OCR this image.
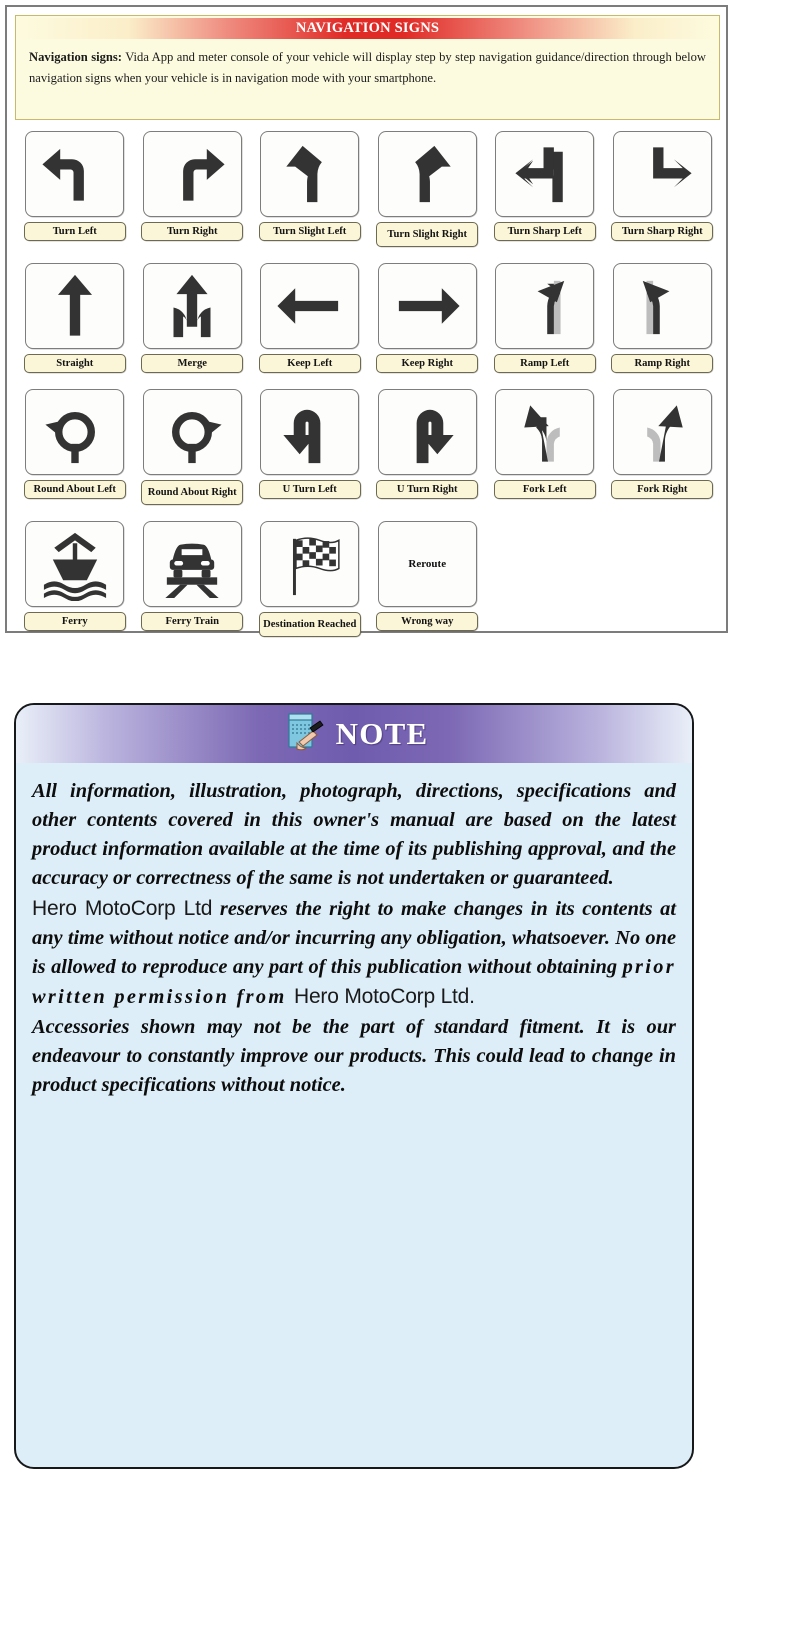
NAVIGATION SIGNS
Navigation signs: Vida App and meter console of your vehicle will display step by step navigation guidance/direction through below navigation signs when your vehicle is in navigation mode with your smartphone.
Turn Left	Turn Right	Turn Slight Left	Turn Slight Right	Turn Sharp Left	Turn Sharp Right
Straight	Merge	Keep Left	Keep Right	Ramp Left	Ramp Right
Round About Left	Round About Right	U Turn Left	U Turn Right	Fork Left	Fork Right
Ferry	Ferry Train	Destination Reached
Reroute
Wrong way
NOTE

All information, illustration, photograph, directions, specifications and other contents covered in this owner's manual are based on the latest product information available at the time of its publishing approval, and the accuracy or correctness of the same is not undertaken or guaranteed.

Hero MotoCorp Ltd reserves the right to make changes in its contents at any time without notice and/or incurring any obligation, whatsoever. No one is allowed to reproduce any part of this publication without obtaining prior written permission from Hero MotoCorp Ltd.

Accessories shown may not be the part of standard fitment. It is our endeavour to constantly improve our products. This could lead to change in product specifications without notice.
